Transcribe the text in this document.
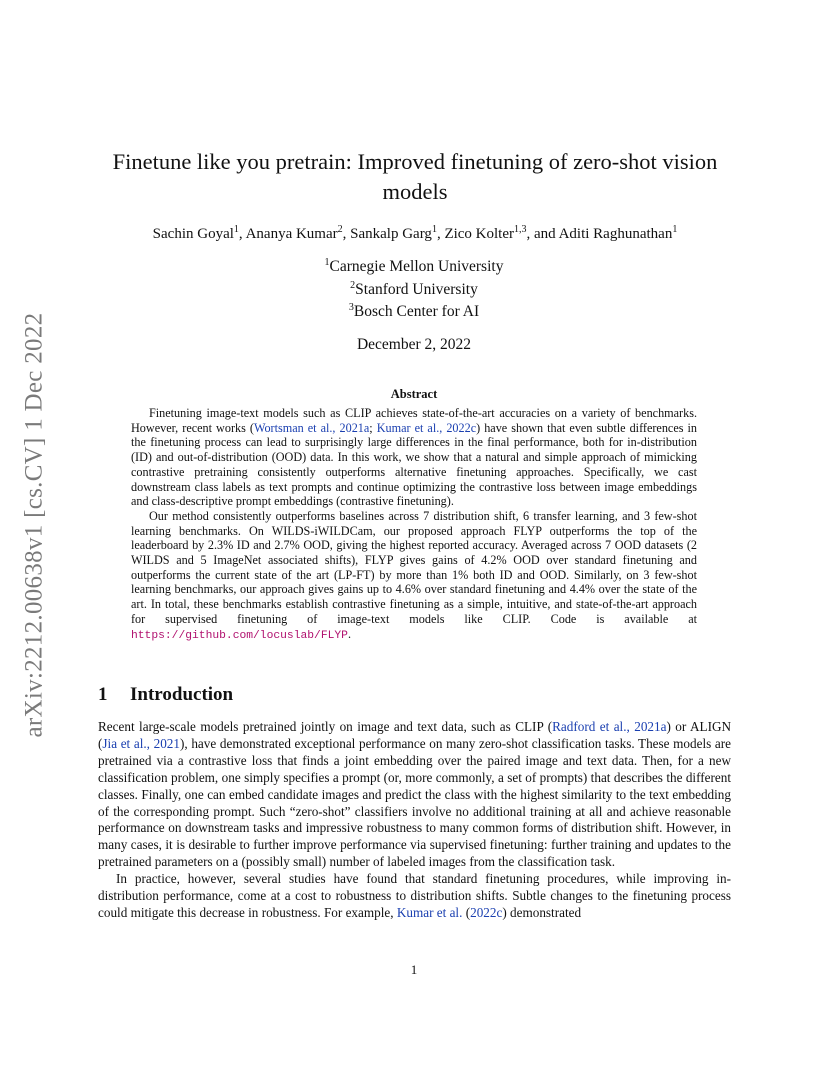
arXiv:2212.00638v1 [cs.CV] 1 Dec 2022
Finetune like you pretrain: Improved finetuning of zero-shot vision models
Sachin Goyal$^1$, Ananya Kumar$^2$, Sankalp Garg$^1$, Zico Kolter$^{1,3}$, and Aditi Raghunathan$^1$
$^1$Carnegie Mellon University
$^2$Stanford University
$^3$Bosch Center for AI
December 2, 2022
Abstract

Finetuning image-text models such as CLIP achieves state-of-the-art accuracies on a variety of benchmarks. However, recent works (Wortsman et al., 2021a; Kumar et al., 2022c) have shown that even subtle differences in the finetuning process can lead to surprisingly large differences in the final performance, both for in-distribution (ID) and out-of-distribution (OOD) data. In this work, we show that a natural and simple approach of mimicking contrastive pretraining consistently outperforms alternative finetuning approaches. Specifically, we cast downstream class labels as text prompts and continue optimizing the contrastive loss between image embeddings and class-descriptive prompt embeddings (contrastive finetuning).

Our method consistently outperforms baselines across 7 distribution shift, 6 transfer learning, and 3 few-shot learning benchmarks. On WILDS-iWILDCam, our proposed approach FLYP outperforms the top of the leaderboard by 2.3% ID and 2.7% OOD, giving the highest reported accuracy. Averaged across 7 OOD datasets (2 WILDS and 5 ImageNet associated shifts), FLYP gives gains of 4.2% OOD over standard finetuning and outperforms the current state of the art (LP-FT) by more than 1% both ID and OOD. Similarly, on 3 few-shot learning benchmarks, our approach gives gains up to 4.6% over standard finetuning and 4.4% over the state of the art. In total, these benchmarks establish contrastive finetuning as a simple, intuitive, and state-of-the-art approach for supervised finetuning of image-text models like CLIP. Code is available at https://github.com/locuslab/FLYP.

1 Introduction

Recent large-scale models pretrained jointly on image and text data, such as CLIP (Radford et al., 2021a) or ALIGN (Jia et al., 2021), have demonstrated exceptional performance on many zero-shot classification tasks. These models are pretrained via a contrastive loss that finds a joint embedding over the paired image and text data. Then, for a new classification problem, one simply specifies a prompt (or, more commonly, a set of prompts) that describes the different classes. Finally, one can embed candidate images and predict the class with the highest similarity to the text embedding of the corresponding prompt. Such “zero-shot” classifiers involve no additional training at all and achieve reasonable performance on downstream tasks and impressive robustness to many common forms of distribution shift. However, in many cases, it is desirable to further improve performance via supervised finetuning: further training and updates to the pretrained parameters on a (possibly small) number of labeled images from the classification task.

In practice, however, several studies have found that standard finetuning procedures, while improving in-distribution performance, come at a cost to robustness to distribution shifts. Subtle changes to the finetuning process could mitigate this decrease in robustness. For example, Kumar et al. (2022c) demonstrated

1
